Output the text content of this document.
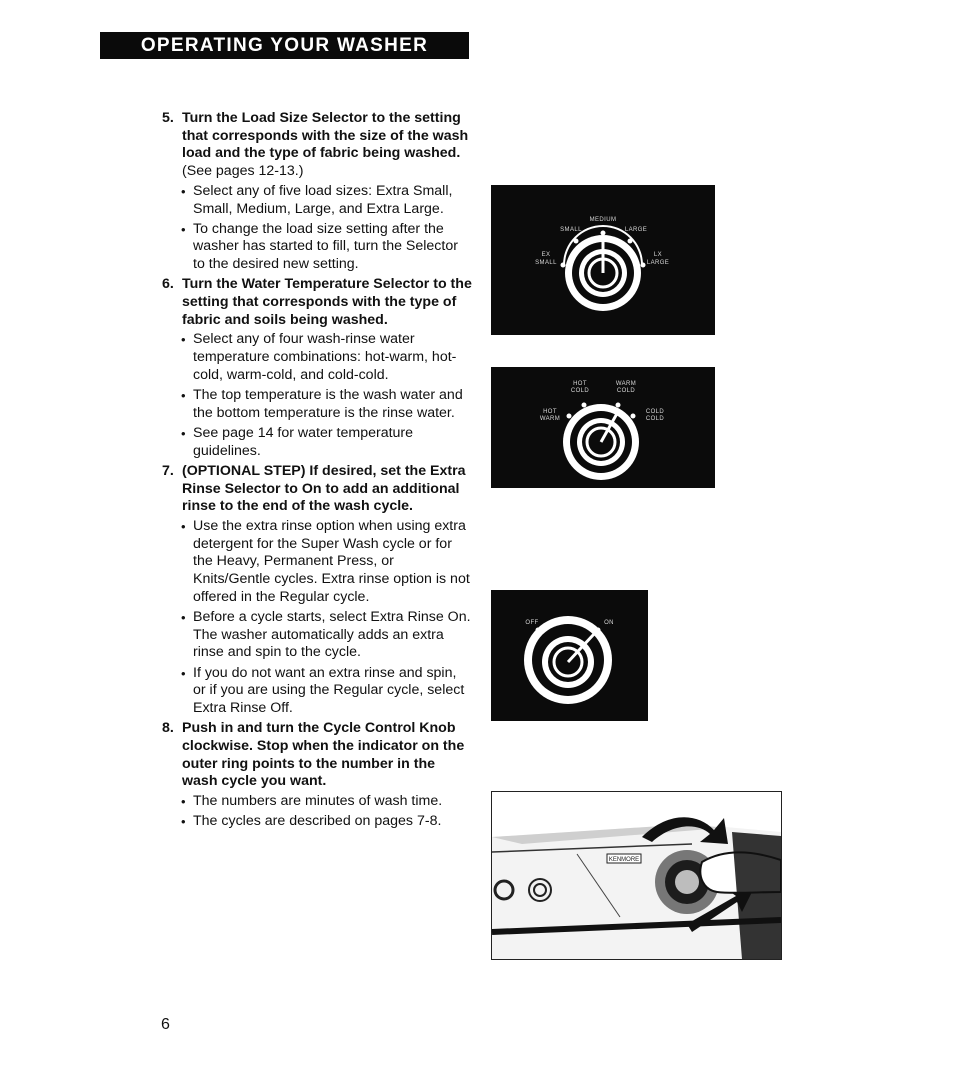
OPERATING YOUR WASHER
5. Turn the Load Size Selector to the setting that corresponds with the size of the wash load and the type of fabric being washed. (See pages 12-13.)
• Select any of five load sizes: Extra Small, Small, Medium, Large, and Extra Large.
• To change the load size setting after the washer has started to fill, turn the Selector to the desired new setting.
6. Turn the Water Temperature Selector to the setting that corresponds with the type of fabric and soils being washed.
• Select any of four wash-rinse water temperature combinations: hot-warm, hot-cold, warm-cold, and cold-cold.
• The top temperature is the wash water and the bottom temperature is the rinse water.
• See page 14 for water temperature guidelines.
7. (OPTIONAL STEP) If desired, set the Extra Rinse Selector to On to add an additional rinse to the end of the wash cycle.
• Use the extra rinse option when using extra detergent for the Super Wash cycle or for the Heavy, Permanent Press, or Knits/Gentle cycles. Extra rinse option is not offered in the Regular cycle.
• Before a cycle starts, select Extra Rinse On. The washer automatically adds an extra rinse and spin to the cycle.
• If you do not want an extra rinse and spin, or if you are using the Regular cycle, select Extra Rinse Off.
8. Push in and turn the Cycle Control Knob clockwise. Stop when the indicator on the outer ring points to the number in the wash cycle you want.
• The numbers are minutes of wash time.
• The cycles are described on pages 7-8.
MEDIUM
SMALL	LARGE
EX
SMALL
LX
LARGE
HOT
COLD
WARM
COLD
HOT
WARM
COLD
COLD
OFF	ON
KENMORE
6
